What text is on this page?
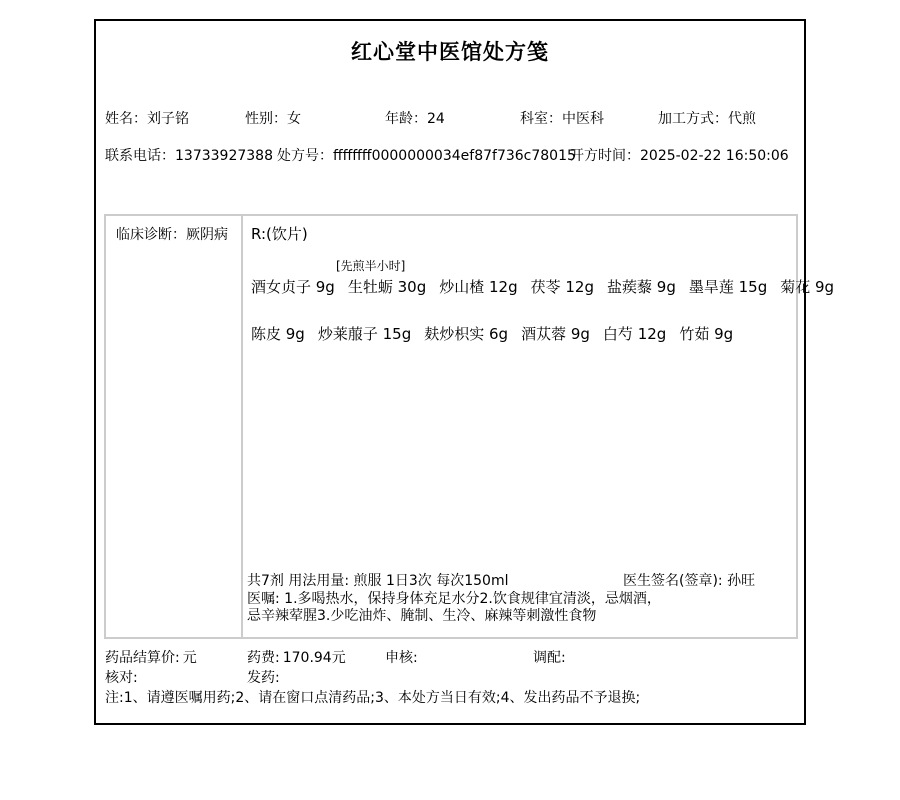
红心堂中医馆处方笺
姓名：刘子铭	性别：女	年龄：24	科室：中医科	加工方式：代煎
联系电话：13733927388 处方号：ffffffff0000000034ef87f736c78015
开方时间：2025-02-22 16:50:06
临床诊断：厥阴病	R:(饮片)
[先煎半小时]
酒女贞子 9g 生牡蛎 30g 炒山楂 12g 茯苓 12g 盐蒺藜 9g 墨旱莲 15g 菊花 9g
陈皮 9g 炒莱菔子 15g 麸炒枳实 6g 酒苁蓉 9g 白芍 12g 竹茹 9g
共7剂 用法用量: 煎服 1日3次 每次150ml	医生签名(签章): 孙旺
医嘱: 1.多喝热水，保持身体充足水分2.饮食规律宜清淡，忌烟酒，
忌辛辣荤腥3.少吃油炸、腌制、生冷、麻辣等刺激性食物
药品结算价: 元	药费: 170.94元	申核:	调配:
核对:	发药:
注:1、请遵医嘱用药;2、请在窗口点清药品;3、本处方当日有效;4、发出药品不予退换;
